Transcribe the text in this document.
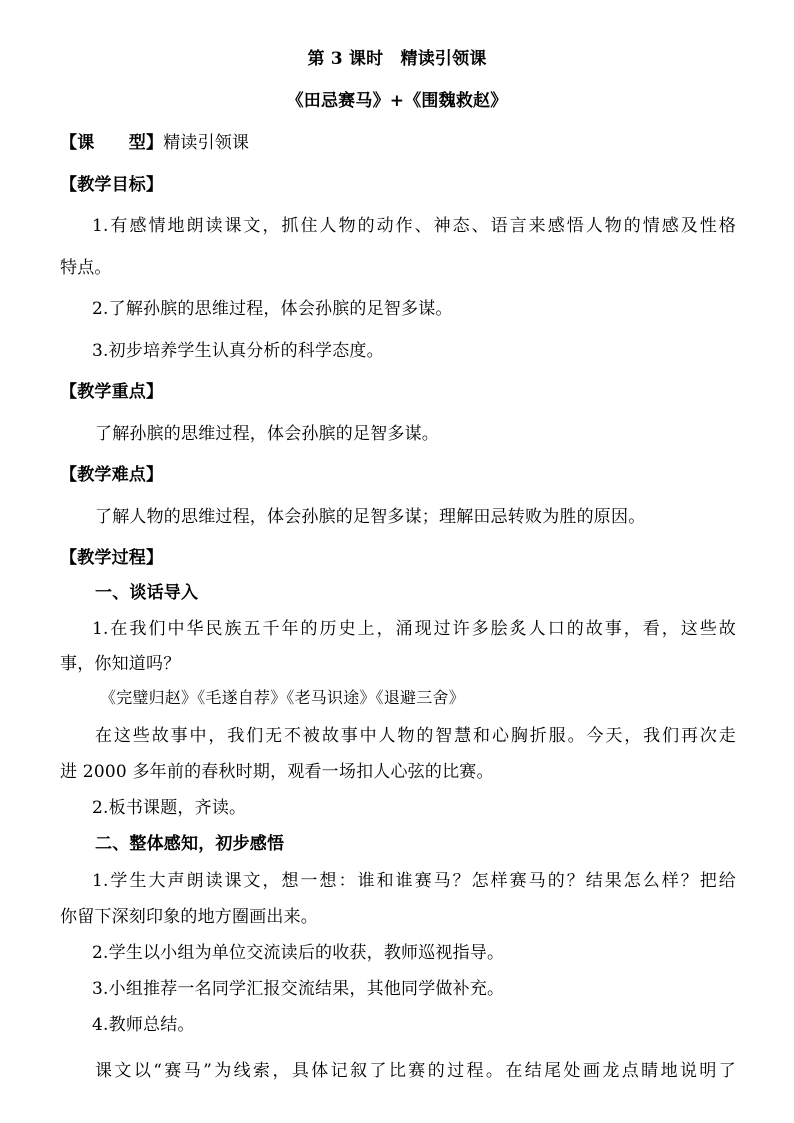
第 3 课时　精读引领课
《田忌赛马》+《围魏救赵》
【课　　型】精读引领课
【教学目标】
1.有感情地朗读课文，抓住人物的动作、神态、语言来感悟人物的情感及性格
特点。
2.了解孙膑的思维过程，体会孙膑的足智多谋。
3.初步培养学生认真分析的科学态度。
【教学重点】
了解孙膑的思维过程，体会孙膑的足智多谋。
【教学难点】
了解人物的思维过程，体会孙膑的足智多谋；理解田忌转败为胜的原因。
【教学过程】
一、谈话导入
1.在我们中华民族五千年的历史上，涌现过许多脍炙人口的故事，看，这些故
事，你知道吗？
《完璧归赵》《毛遂自荐》《老马识途》《退避三舍》
在这些故事中，我们无不被故事中人物的智慧和心胸折服。今天，我们再次走
进 2000 多年前的春秋时期，观看一场扣人心弦的比赛。
2.板书课题，齐读。
二、整体感知，初步感悟
1.学生大声朗读课文，想一想：谁和谁赛马？怎样赛马的？结果怎么样？把给
你留下深刻印象的地方圈画出来。
2.学生以小组为单位交流读后的收获，教师巡视指导。
3.小组推荐一名同学汇报交流结果，其他同学做补充。
4.教师总结。
课文以“赛马”为线索，具体记叙了比赛的过程。在结尾处画龙点睛地说明了
